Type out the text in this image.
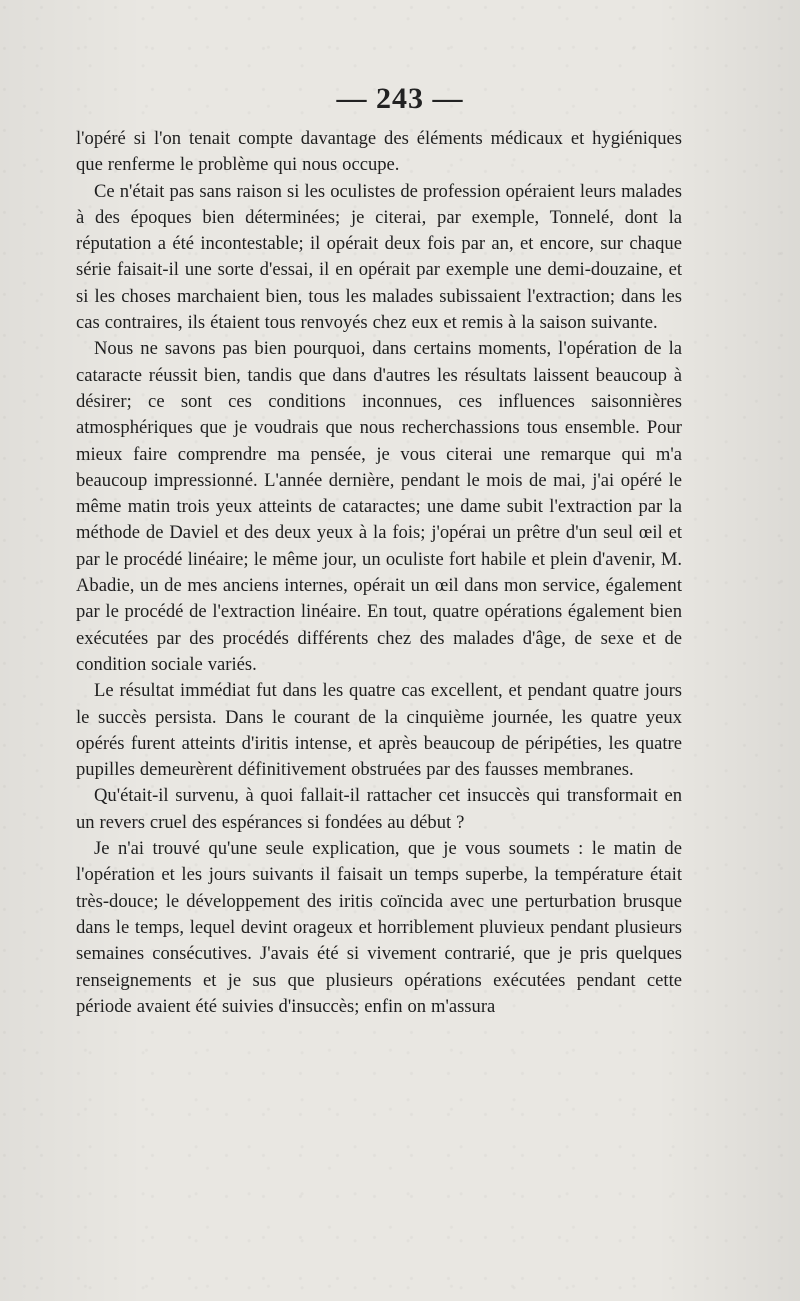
— 243 —

l'opéré si l'on tenait compte davantage des éléments médicaux et hygiéniques que renferme le problème qui nous occupe.

Ce n'était pas sans raison si les oculistes de profession opéraient leurs malades à des époques bien déterminées; je citerai, par exemple, Tonnelé, dont la réputation a été incontestable; il opérait deux fois par an, et encore, sur chaque série faisait-il une sorte d'essai, il en opérait par exemple une demi-douzaine, et si les choses marchaient bien, tous les malades subissaient l'extraction; dans les cas contraires, ils étaient tous renvoyés chez eux et remis à la saison suivante.

Nous ne savons pas bien pourquoi, dans certains moments, l'opération de la cataracte réussit bien, tandis que dans d'autres les résultats laissent beaucoup à désirer; ce sont ces conditions inconnues, ces influences saisonnières atmosphériques que je voudrais que nous recherchassions tous ensemble. Pour mieux faire comprendre ma pensée, je vous citerai une remarque qui m'a beaucoup impressionné. L'année dernière, pendant le mois de mai, j'ai opéré le même matin trois yeux atteints de cataractes; une dame subit l'extraction par la méthode de Daviel et des deux yeux à la fois; j'opérai un prêtre d'un seul œil et par le procédé linéaire; le même jour, un oculiste fort habile et plein d'avenir, M. Abadie, un de mes anciens internes, opérait un œil dans mon service, également par le procédé de l'extraction linéaire. En tout, quatre opérations également bien exécutées par des procédés différents chez des malades d'âge, de sexe et de condition sociale variés.

Le résultat immédiat fut dans les quatre cas excellent, et pendant quatre jours le succès persista. Dans le courant de la cinquième journée, les quatre yeux opérés furent atteints d'iritis intense, et après beaucoup de péripéties, les quatre pupilles demeurèrent définitivement obstruées par des fausses membranes.

Qu'était-il survenu, à quoi fallait-il rattacher cet insuccès qui transformait en un revers cruel des espérances si fondées au début ?

Je n'ai trouvé qu'une seule explication, que je vous soumets : le matin de l'opération et les jours suivants il faisait un temps superbe, la température était très-douce; le développement des iritis coïncida avec une perturbation brusque dans le temps, lequel devint orageux et horriblement pluvieux pendant plusieurs semaines consécutives. J'avais été si vivement contrarié, que je pris quelques renseignements et je sus que plusieurs opérations exécutées pendant cette période avaient été suivies d'insuccès; enfin on m'assura
